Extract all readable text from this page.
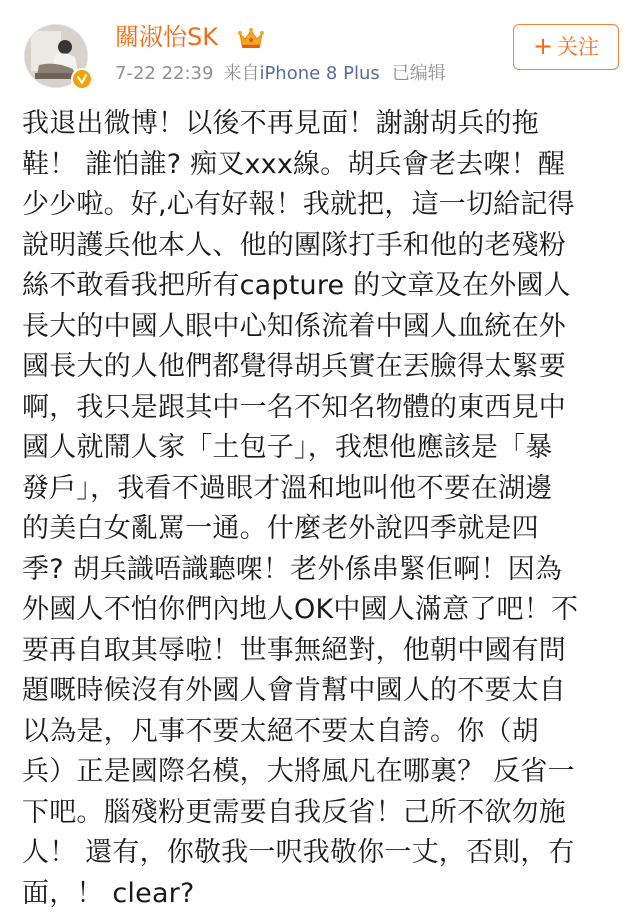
關淑怡SK
7-22 22:39 来自iPhone 8 Plus 已编辑
+ 关注
我退出微博！以後不再見面！謝謝胡兵的拖
鞋！ 誰怕誰? 痴叉xxx線。胡兵會老去㗎！醒
少少啦。好,心有好報！我就把，這一切給記得
說明護兵他本人、他的團隊打手和他的老殘粉
絲不敢看我把所有capture 的文章及在外國人
長大的中國人眼中心知係流着中國人血統在外
國長大的人他們都覺得胡兵實在丟臉得太緊要
啊，我只是跟其中一名不知名物體的東西見中
國人就鬧人家「土包子」，我想他應該是「暴
發戶」，我看不過眼才溫和地叫他不要在湖邊
的美白女亂罵一通。什麼老外說四季就是四
季? 胡兵識唔識聽㗎！老外係串緊佢啊！因為
外國人不怕你們內地人OK中國人滿意了吧！不
要再自取其辱啦！世事無絕對，他朝中國有問
題嘅時候沒有外國人會肯幫中國人的不要太自
以為是，凡事不要太絕不要太自誇。你（胡
兵）正是國際名模，大將風凡在哪裏？ 反省一
下吧。腦殘粉更需要自我反省！己所不欲勿施
人！ 還有，你敬我一呎我敬你一丈，否則，冇
面，！ clear?
